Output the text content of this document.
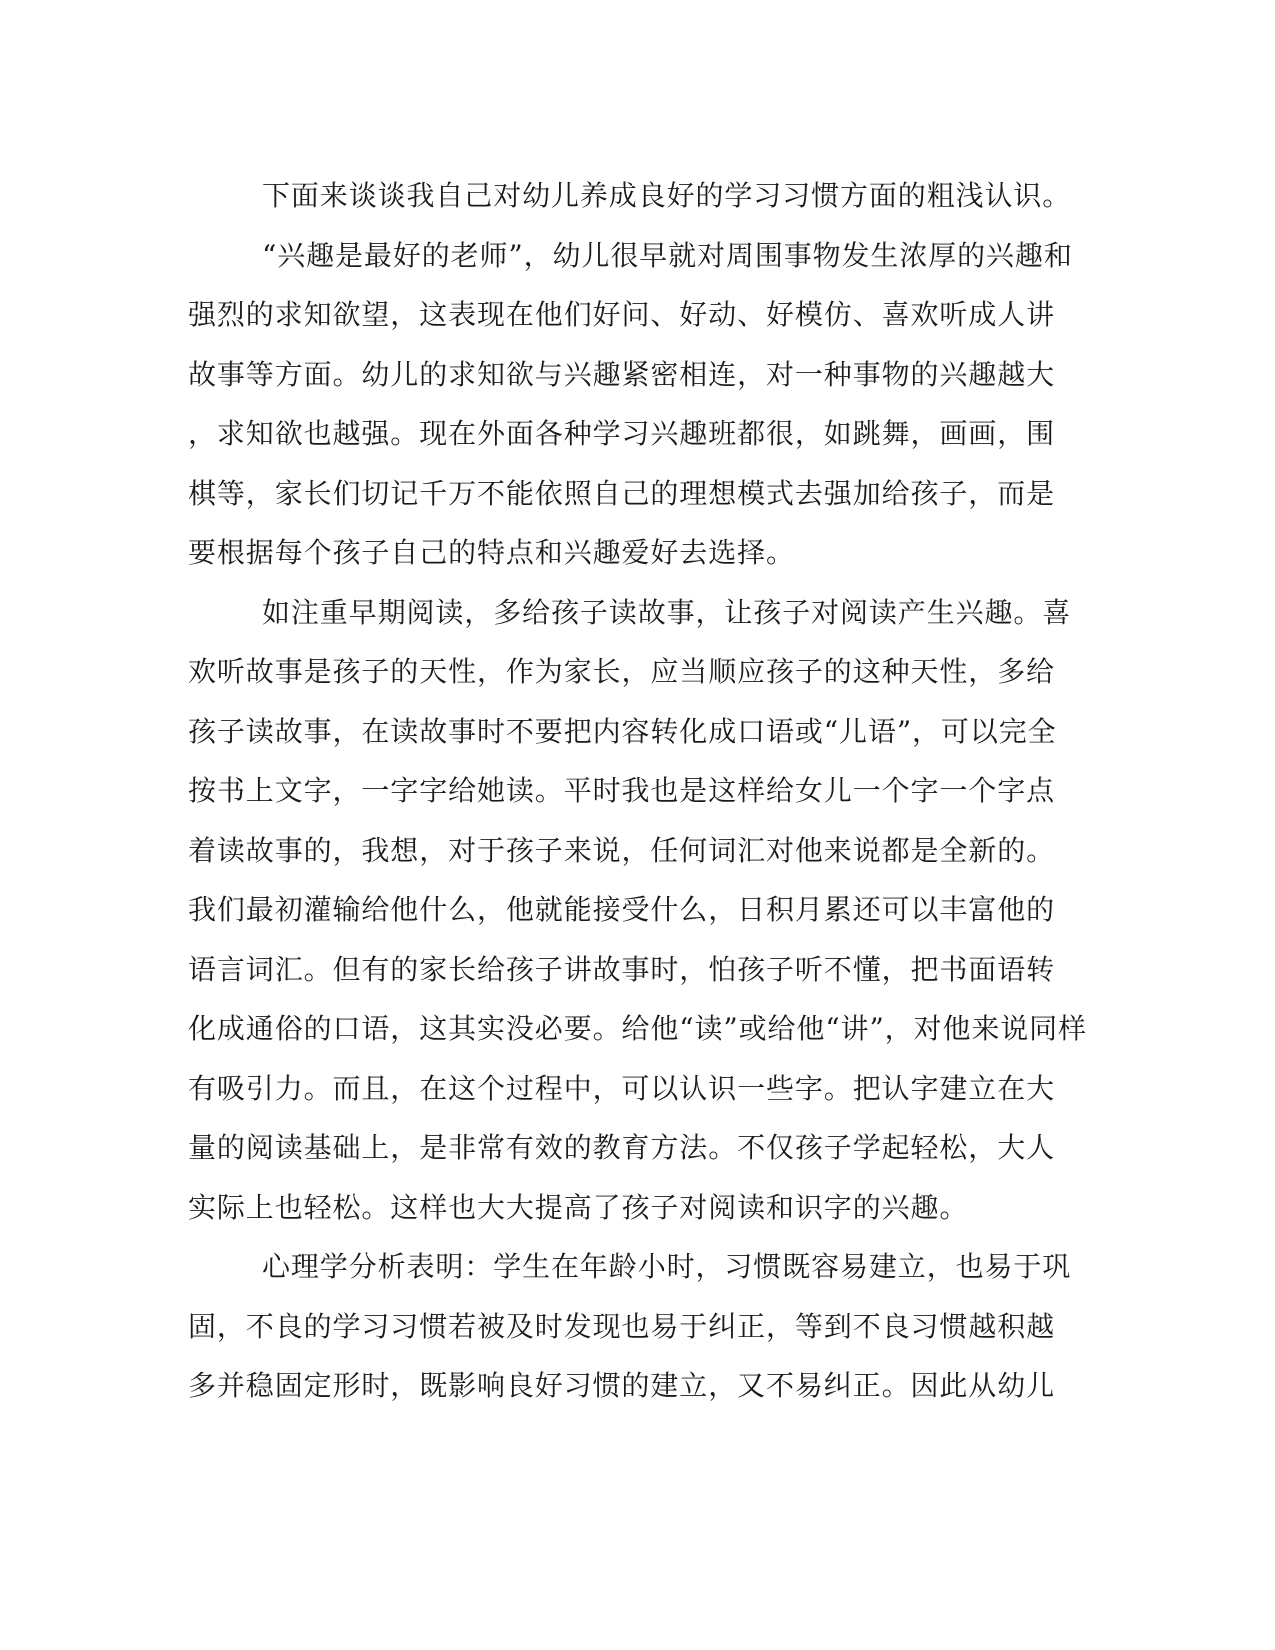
下面来谈谈我自己对幼儿养成良好的学习习惯方面的粗浅认识。
“兴趣是最好的老师”，幼儿很早就对周围事物发生浓厚的兴趣和
强烈的求知欲望，这表现在他们好问、好动、好模仿、喜欢听成人讲
故事等方面。幼儿的求知欲与兴趣紧密相连，对一种事物的兴趣越大
，求知欲也越强。现在外面各种学习兴趣班都很，如跳舞，画画，围
棋等，家长们切记千万不能依照自己的理想模式去强加给孩子，而是
要根据每个孩子自己的特点和兴趣爱好去选择。
如注重早期阅读，多给孩子读故事，让孩子对阅读产生兴趣。喜
欢听故事是孩子的天性，作为家长，应当顺应孩子的这种天性，多给
孩子读故事，在读故事时不要把内容转化成口语或“儿语”，可以完全
按书上文字，一字字给她读。平时我也是这样给女儿一个字一个字点
着读故事的，我想，对于孩子来说，任何词汇对他来说都是全新的。
我们最初灌输给他什么，他就能接受什么，日积月累还可以丰富他的
语言词汇。但有的家长给孩子讲故事时，怕孩子听不懂，把书面语转
化成通俗的口语，这其实没必要。给他“读”或给他“讲”，对他来说同样
有吸引力。而且，在这个过程中，可以认识一些字。把认字建立在大
量的阅读基础上，是非常有效的教育方法。不仅孩子学起轻松，大人
实际上也轻松。这样也大大提高了孩子对阅读和识字的兴趣。
心理学分析表明：学生在年龄小时，习惯既容易建立，也易于巩
固，不良的学习习惯若被及时发现也易于纠正，等到不良习惯越积越
多并稳固定形时，既影响良好习惯的建立，又不易纠正。因此从幼儿
